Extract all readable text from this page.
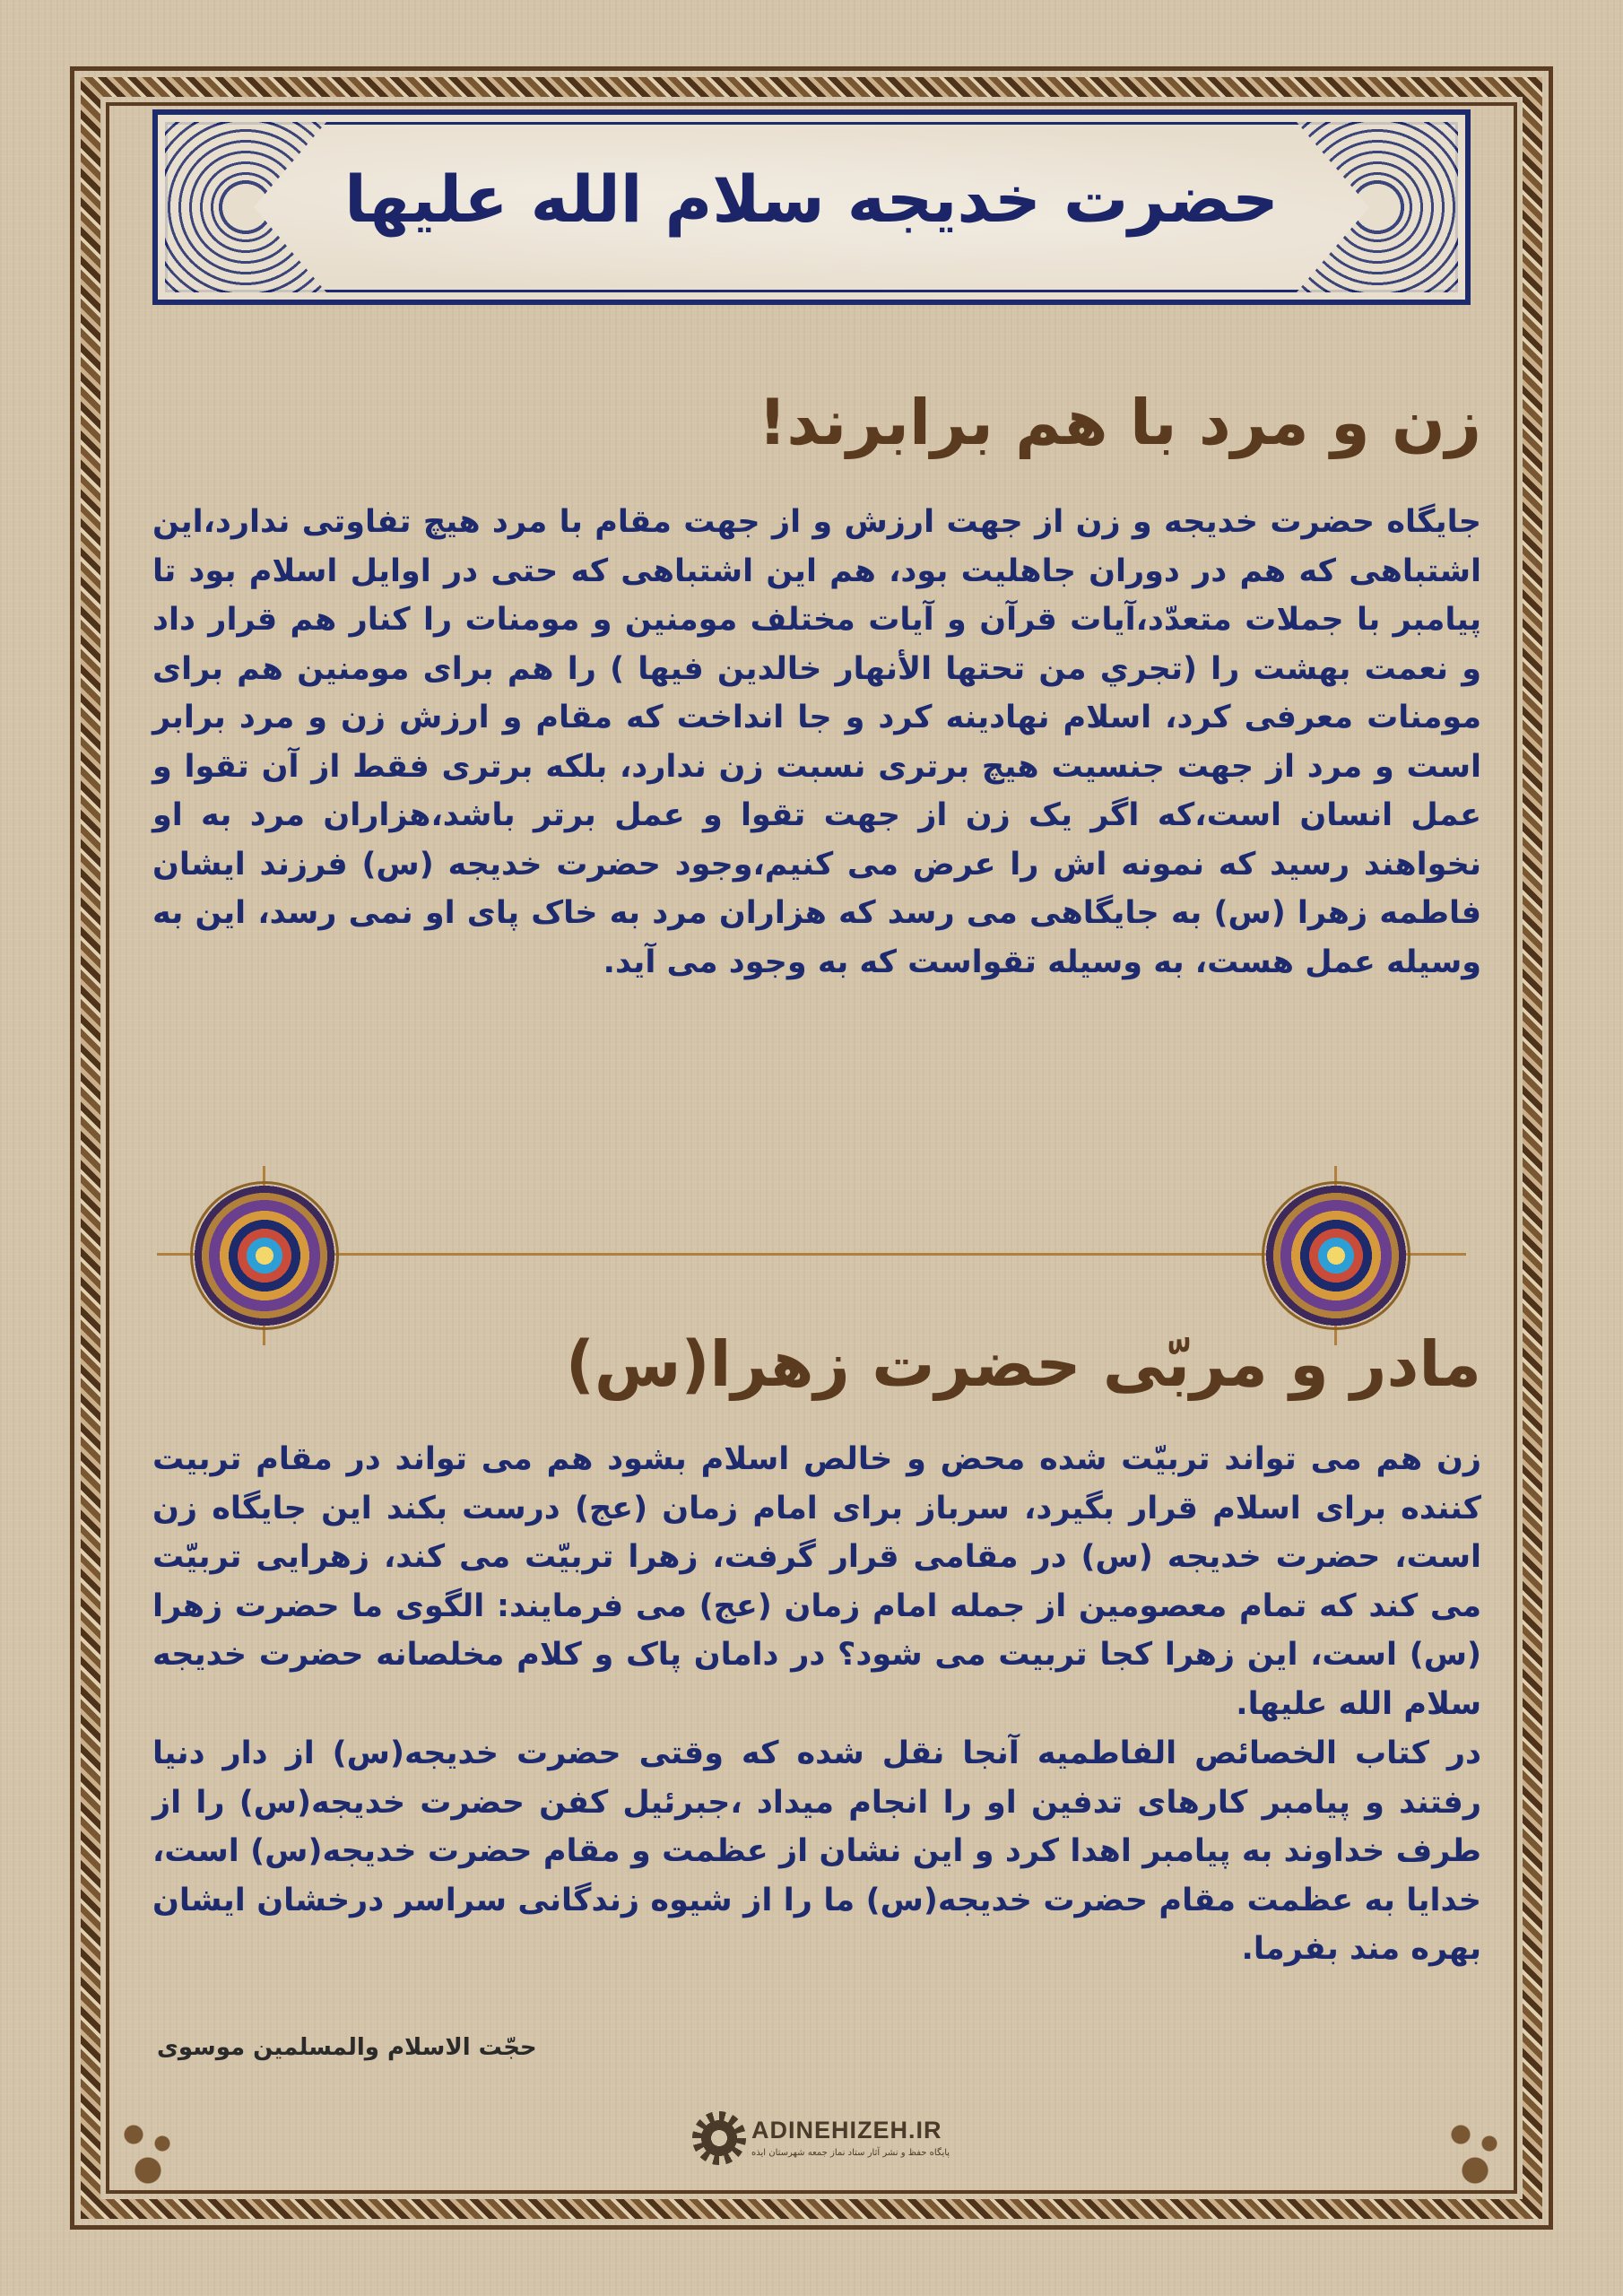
حضرت خدیجه سلام الله علیها
زن و مرد با هم برابرند!

جایگاه حضرت خدیجه و زن از جهت ارزش و از جهت مقام با مرد هیچ تفاوتی ندارد،این اشتباهی که هم در دوران جاهلیت بود، هم این اشتباهی که حتی در اوایل اسلام بود تا پیامبر با جملات متعدّد،آیات قرآن و آیات مختلف مومنین و مومنات را کنار هم قرار داد و نعمت بهشت را (تجري من تحتها الأنهار خالدين فيها ) را هم برای مومنین هم برای مومنات معرفی کرد، اسلام نهادینه کرد و جا انداخت که مقام و ارزش زن و مرد برابر است و مرد از جهت جنسیت هیچ برتری نسبت زن ندارد، بلکه برتری فقط از آن تقوا و عمل انسان است،که اگر یک زن از جهت تقوا و عمل برتر باشد،هزاران مرد به او نخواهند رسید که نمونه اش را عرض می کنیم،وجود حضرت خدیجه (س) فرزند ایشان فاطمه زهرا (س) به جایگاهی می رسد که هزاران مرد به خاک پای او نمی رسد، این به وسیله عمل هست، به وسیله تقواست که به وجود می آید.

مادر و مربّی حضرت زهرا(س)

زن هم می تواند تربیّت شده محض و خالص اسلام بشود هم می تواند در مقام تربیت کننده برای اسلام قرار بگیرد، سرباز برای امام زمان (عج) درست بکند این جایگاه زن است، حضرت خدیجه (س) در مقامی قرار گرفت، زهرا تربیّت می کند، زهرایی تربیّت می کند که تمام معصومین از جمله امام زمان (عج) می فرمایند: الگوی ما حضرت زهرا (س) است، این زهرا کجا تربیت می شود؟ در دامان پاک و کلام مخلصانه حضرت خدیجه سلام الله علیها.

در کتاب الخصائص الفاطمیه آنجا نقل شده که وقتی حضرت خدیجه(س) از دار دنیا رفتند و پیامبر کارهای تدفین او را انجام میداد ،جبرئیل کفن حضرت خدیجه(س) را از طرف خداوند به پیامبر اهدا کرد و این نشان از عظمت و مقام حضرت خدیجه(س) است، خدایا به عظمت مقام حضرت خدیجه(س) ما را از شیوه زندگانی سراسر درخشان ایشان بهره مند بفرما.

حجّت الاسلام والمسلمین موسوی
ADINEHIZEH.IR
پایگاه حفظ و نشر آثار ستاد نماز جمعه شهرستان ایذه
